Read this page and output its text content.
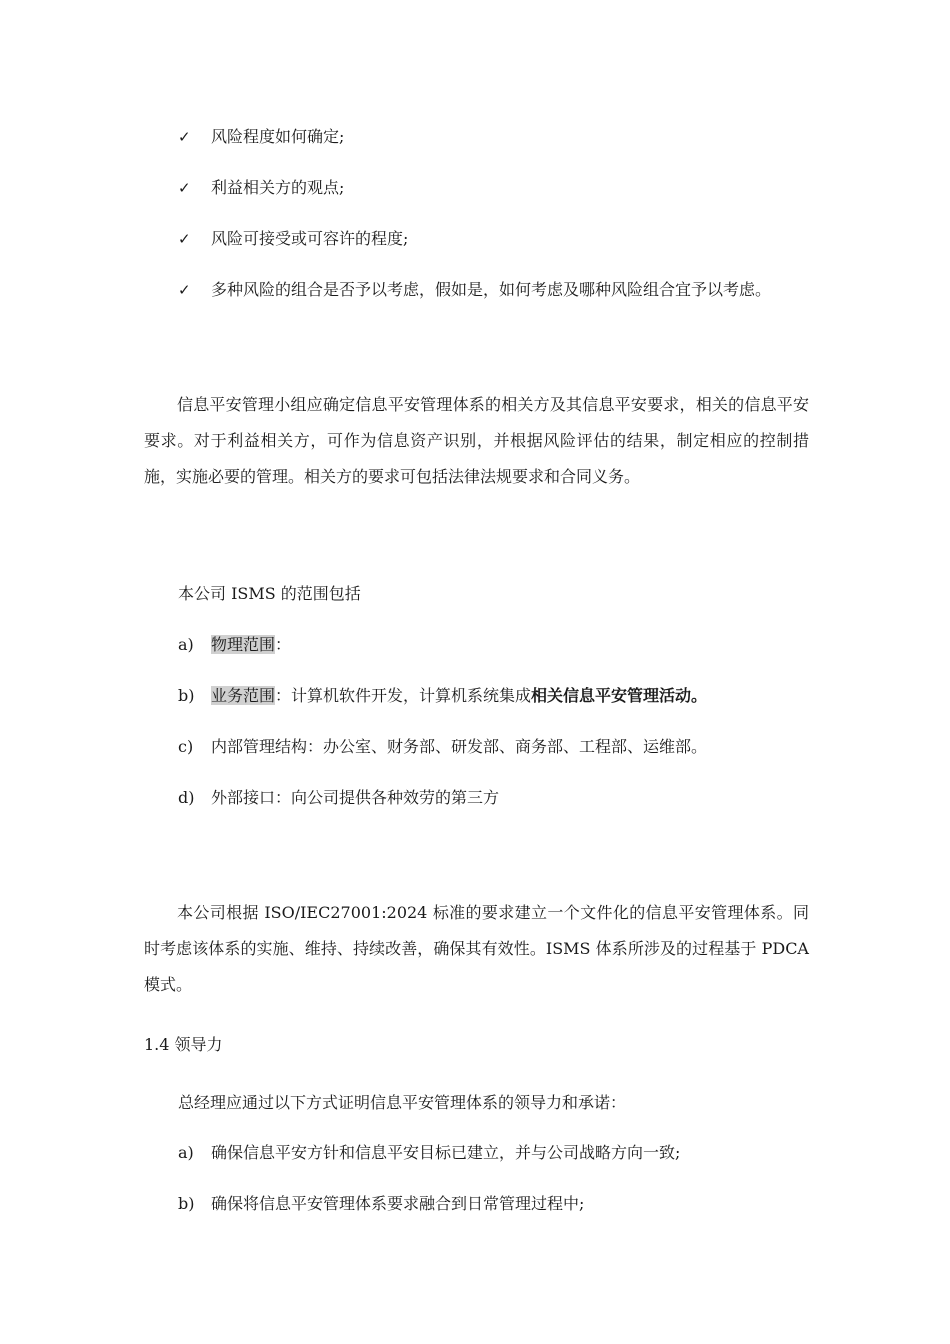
✓ 风险程度如何确定;
✓ 利益相关方的观点;
✓ 风险可接受或可容许的程度;
✓ 多种风险的组合是否予以考虑，假如是，如何考虑及哪种风险组合宜予以考虑。
信息平安管理小组应确定信息平安管理体系的相关方及其信息平安要求，相关的信息平安要求。对于利益相关方，可作为信息资产识别，并根据风险评估的结果，制定相应的控制措施，实施必要的管理。相关方的要求可包括法律法规要求和合同义务。
本公司 ISMS 的范围包括
a) 物理范围：
b) 业务范围：计算机软件开发，计算机系统集成相关信息平安管理活动。
c) 内部管理结构：办公室、财务部、研发部、商务部、工程部、运维部。
d) 外部接口：向公司提供各种效劳的第三方
本公司根据 ISO/IEC27001:2024 标准的要求建立一个文件化的信息平安管理体系。同时考虑该体系的实施、维持、持续改善，确保其有效性。ISMS 体系所涉及的过程基于 PDCA 模式。
1.4 领导力
总经理应通过以下方式证明信息平安管理体系的领导力和承诺：
a) 确保信息平安方针和信息平安目标已建立，并与公司战略方向一致;
b) 确保将信息平安管理体系要求融合到日常管理过程中;
